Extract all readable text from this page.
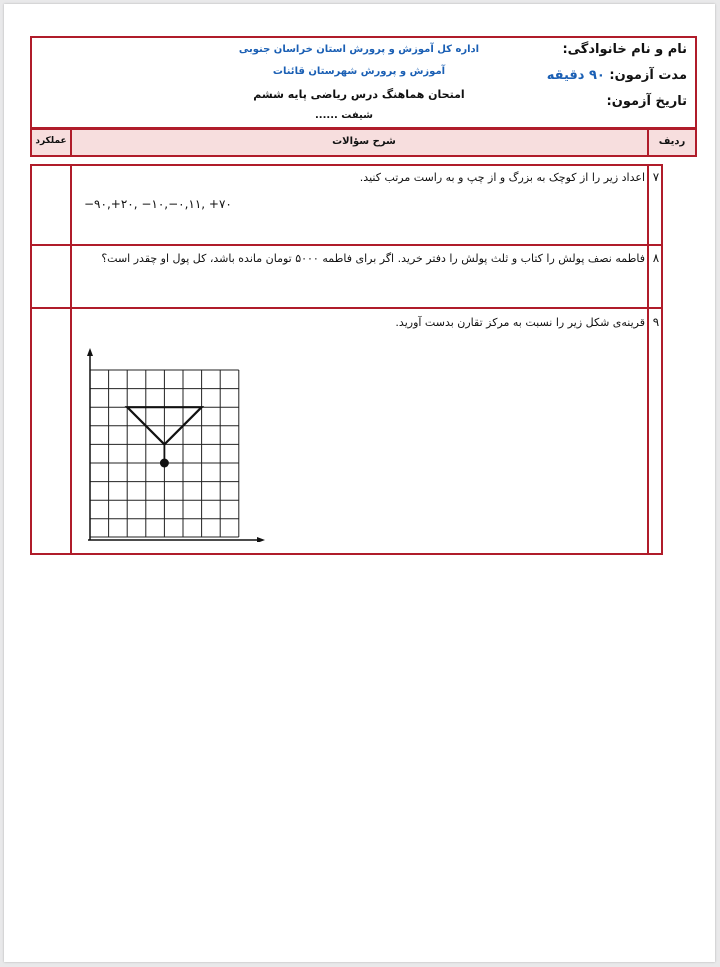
نام و نام خانوادگی:
مدت آزمون: ۹۰ دقیقه
تاریخ آزمون:
اداره کل آموزش و پرورش استان خراسان جنوبی
آموزش و پرورش شهرستان قائنات
امتحان هماهنگ درس ریاضی پایه ششم
شیفت ......
ردیف
شرح سؤالات
عملکرد
۷
اعداد زیر را از کوچک به بزرگ و از چپ و به راست مرتب کنید.
−۹۰,+۲۰, −۱۰,−۰,۱۱, +۷۰
۸
فاطمه نصف پولش را کتاب و ثلث پولش را دفتر خرید. اگر برای فاطمه ۵۰۰۰ تومان مانده باشد، کل پول او چقدر است؟
۹
قرینه‌ی شکل زیر را نسبت به مرکز تقارن بدست آورید.
